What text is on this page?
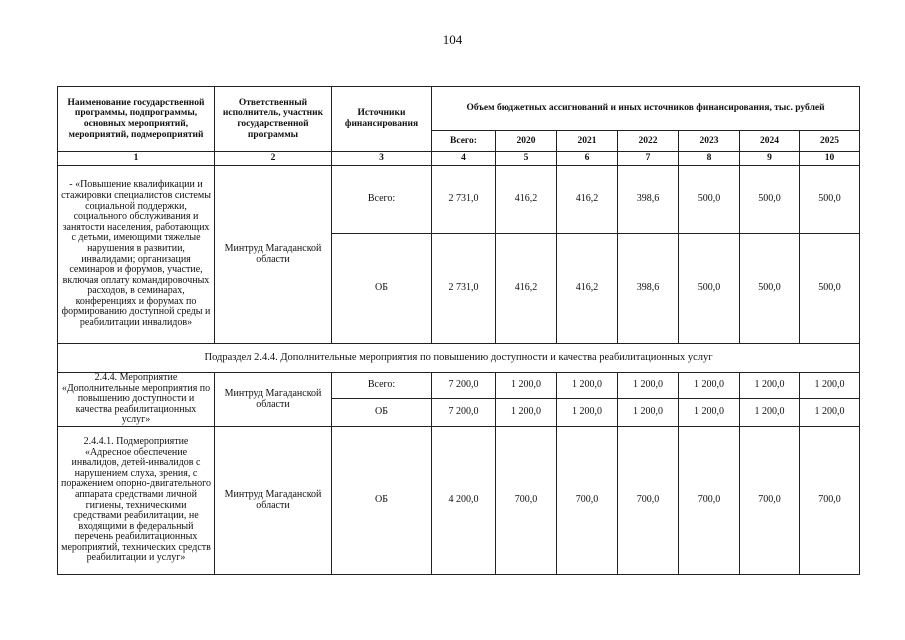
104
Наименование государственной программы, подпрограммы, основных мероприятий, мероприятий, подмероприятий	Ответственный исполнитель, участник государственной программы	Источники финансирования	Объем бюджетных ассигнований и иных источников финансирования, тыс. рублей						
			Всего:	2020	2021	2022	2023	2024	2025
1	2	3	4	5	6	7	8	9	10
- «Повышение квалификации и стажировки специалистов системы социальной поддержки, социального обслуживания и занятости населения, работающих с детьми, имеющими тяжелые нарушения в развитии, инвалидами; организация семинаров и форумов, участие, включая оплату командировочных расходов, в семинарах, конференциях и форумах по формированию доступной среды и реабилитации инвалидов»	Минтруд Магаданской области	Всего:	2 731,0	416,2	416,2	398,6	500,0	500,0	500,0
		ОБ	2 731,0	416,2	416,2	398,6	500,0	500,0	500,0
Подраздел 2.4.4. Дополнительные мероприятия по повышению доступности и качества реабилитационных услуг									
2.4.4. Мероприятие «Дополнительные мероприятия по повышению доступности и качества реабилитационных услуг»	Минтруд Магаданской области	Всего:	7 200,0	1 200,0	1 200,0	1 200,0	1 200,0	1 200,0	1 200,0
		ОБ	7 200,0	1 200,0	1 200,0	1 200,0	1 200,0	1 200,0	1 200,0
2.4.4.1. Подмероприятие «Адресное обеспечение инвалидов, детей-инвалидов с нарушением слуха, зрения, с поражением опорно-двигательного аппарата средствами личной гигиены, техническими средствами реабилитации, не входящими в федеральный перечень реабилитационных мероприятий, технических средств реабилитации и услуг»	Минтруд Магаданской области	ОБ	4 200,0	700,0	700,0	700,0	700,0	700,0	700,0
